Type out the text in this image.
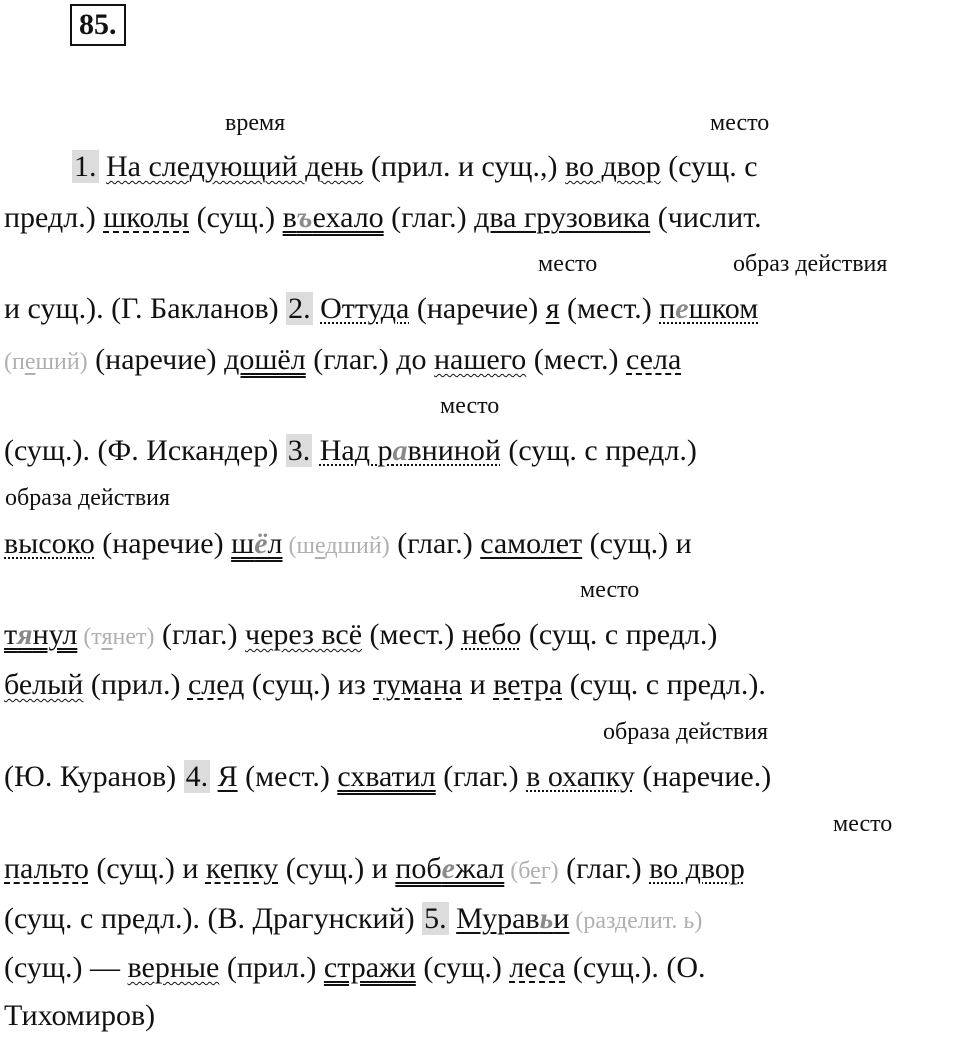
85.
время	место
место	образ действия
место
образа действия
место
образа действия
место
1. На следующий день (прил. и сущ.,) во двор (сущ. с
предл.) школы (сущ.) въехало (глаг.) два грузовика (числит.
и сущ.). (Г. Бакланов) 2. Оттуда (наречие) я (мест.) пешком
(пеший) (наречие) дошёл (глаг.) до нашего (мест.) села
(сущ.). (Ф. Искандер) 3. Над равниной (сущ. с предл.)
высоко (наречие) шёл (шедший) (глаг.) самолет (сущ.) и
тянул (тянет) (глаг.) через всё (мест.) небо (сущ. с предл.)
белый (прил.) след (сущ.) из тумана и ветра (сущ. с предл.).
(Ю. Куранов) 4. Я (мест.) схватил (глаг.) в охапку (наречие.)
пальто (сущ.) и кепку (сущ.) и побежал (бег) (глаг.) во двор
(сущ. с предл.). (В. Драгунский) 5. Муравьи (разделит. ь)
(сущ.) — верные (прил.) стражи (сущ.) леса (сущ.). (О.
Тихомиров)
